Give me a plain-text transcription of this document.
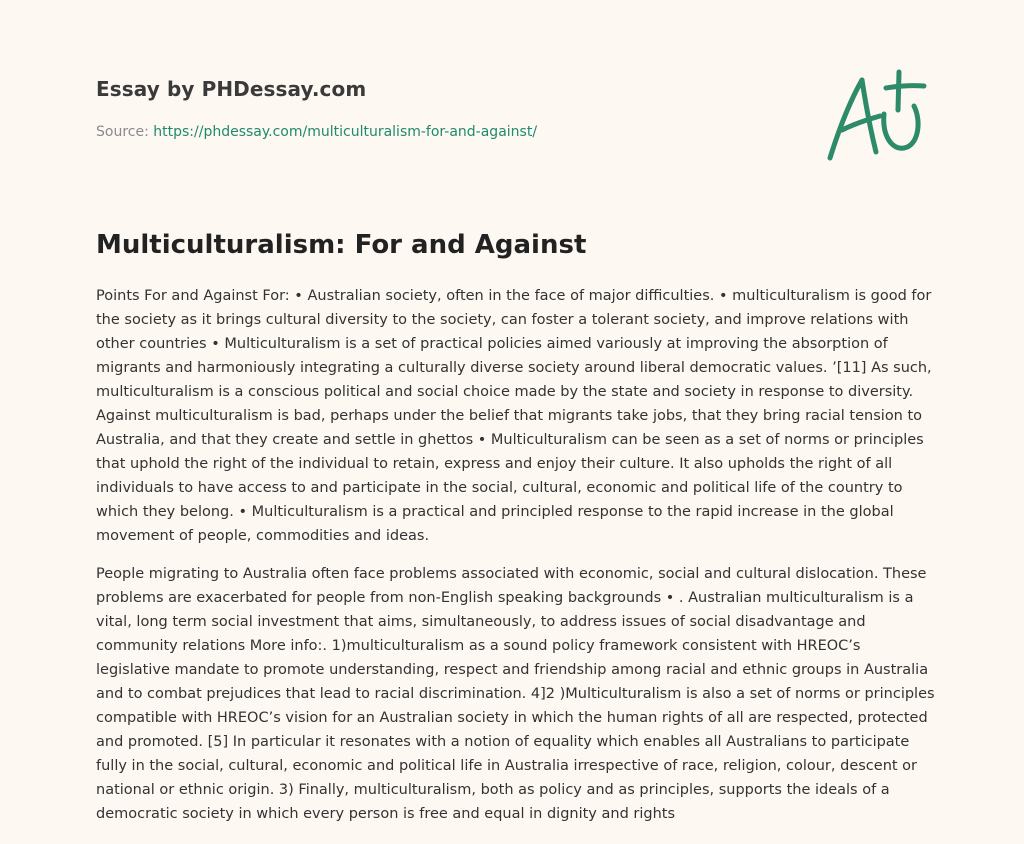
Essay by PHDessay.com
Source: https://phdessay.com/multiculturalism-for-and-against/
Multiculturalism: For and Against

Points For and Against For: • Australian society, often in the face of major difficulties. • multiculturalism is good for the society as it brings cultural diversity to the society, can foster a tolerant society, and improve relations with other countries • Multiculturalism is a set of practical policies aimed variously at improving the absorption of migrants and harmoniously integrating a culturally diverse society around liberal democratic values. ’[11] As such, multiculturalism is a conscious political and social choice made by the state and society in response to diversity. Against multiculturalism is bad, perhaps under the belief that migrants take jobs, that they bring racial tension to Australia, and that they create and settle in ghettos • Multiculturalism can be seen as a set of norms or principles that uphold the right of the individual to retain, express and enjoy their culture. It also upholds the right of all individuals to have access to and participate in the social, cultural, economic and political life of the country to which they belong. • Multiculturalism is a practical and principled response to the rapid increase in the global movement of people, commodities and ideas.

People migrating to Australia often face problems associated with economic, social and cultural dislocation. These problems are exacerbated for people from non-English speaking backgrounds • . Australian multiculturalism is a vital, long term social investment that aims, simultaneously, to address issues of social disadvantage and community relations More info:. 1)multiculturalism as a sound policy framework consistent with HREOC’s legislative mandate to promote understanding, respect and friendship among racial and ethnic groups in Australia and to combat prejudices that lead to racial discrimination. 4]2 )Multiculturalism is also a set of norms or principles compatible with HREOC’s vision for an Australian society in which the human rights of all are respected, protected and promoted. [5] In particular it resonates with a notion of equality which enables all Australians to participate fully in the social, cultural, economic and political life in Australia irrespective of race, religion, colour, descent or national or ethnic origin. 3) Finally, multiculturalism, both as policy and as principles, supports the ideals of a democratic society in which every person is free and equal in dignity and rights
